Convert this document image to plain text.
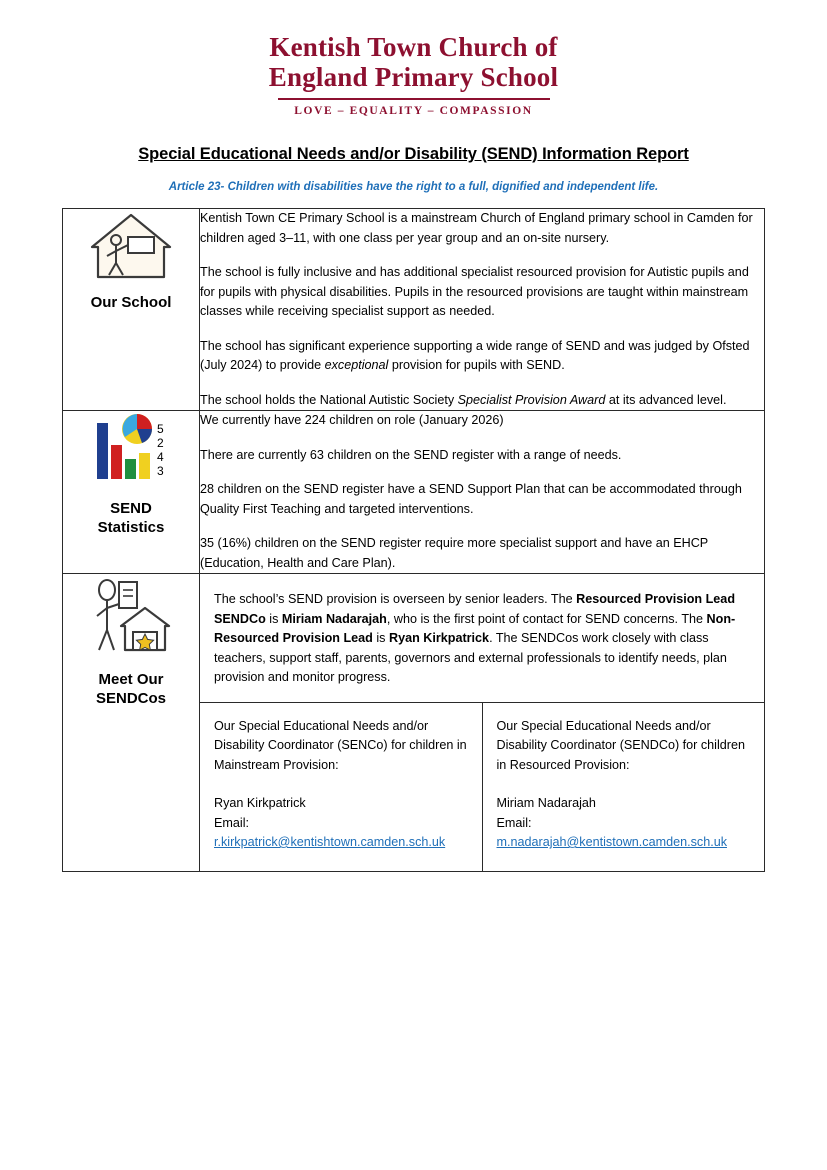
Kentish Town Church of
England Primary School
LOVE – EQUALITY – COMPASSION
Special Educational Needs and/or Disability (SEND) Information Report
Article 23- Children with disabilities have the right to a full, dignified and independent life.
Our School

Kentish Town CE Primary School is a mainstream Church of England primary school in Camden for children aged 3–11, with one class per year group and an on-site nursery.

The school is fully inclusive and has additional specialist resourced provision for Autistic pupils and for pupils with physical disabilities. Pupils in the resourced provisions are taught within mainstream classes while receiving specialist support as needed.

The school has significant experience supporting a wide range of SEND and was judged by Ofsted (July 2024) to provide exceptional provision for pupils with SEND.

The school holds the National Autistic Society Specialist Provision Award at its advanced level.

5
2
4
3
SEND
Statistics

We currently have 224 children on role (January 2026)

There are currently 63 children on the SEND register with a range of needs.

28 children on the SEND register have a SEND Support Plan that can be accommodated through Quality First Teaching and targeted interventions.

35 (16%) children on the SEND register require more specialist support and have an EHCP (Education, Health and Care Plan).

Meet Our
SENDCos

The school’s SEND provision is overseen by senior leaders. The Resourced Provision Lead SENDCo is Miriam Nadarajah, who is the first point of contact for SEND concerns. The Non-Resourced Provision Lead is Ryan Kirkpatrick. The SENDCos work closely with class teachers, support staff, parents, governors and external professionals to identify needs, plan provision and monitor progress.
Our Special Educational Needs and/or Disability Coordinator (SENCo) for children in Mainstream Provision:
Ryan Kirkpatrick
Email:
r.kirkpatrick@kentishtown.camden.sch.uk	
Our Special Educational Needs and/or Disability Coordinator (SENDCo) for children in Resourced Provision:
Miriam Nadarajah
Email:
m.nadarajah@kentistown.camden.sch.uk
